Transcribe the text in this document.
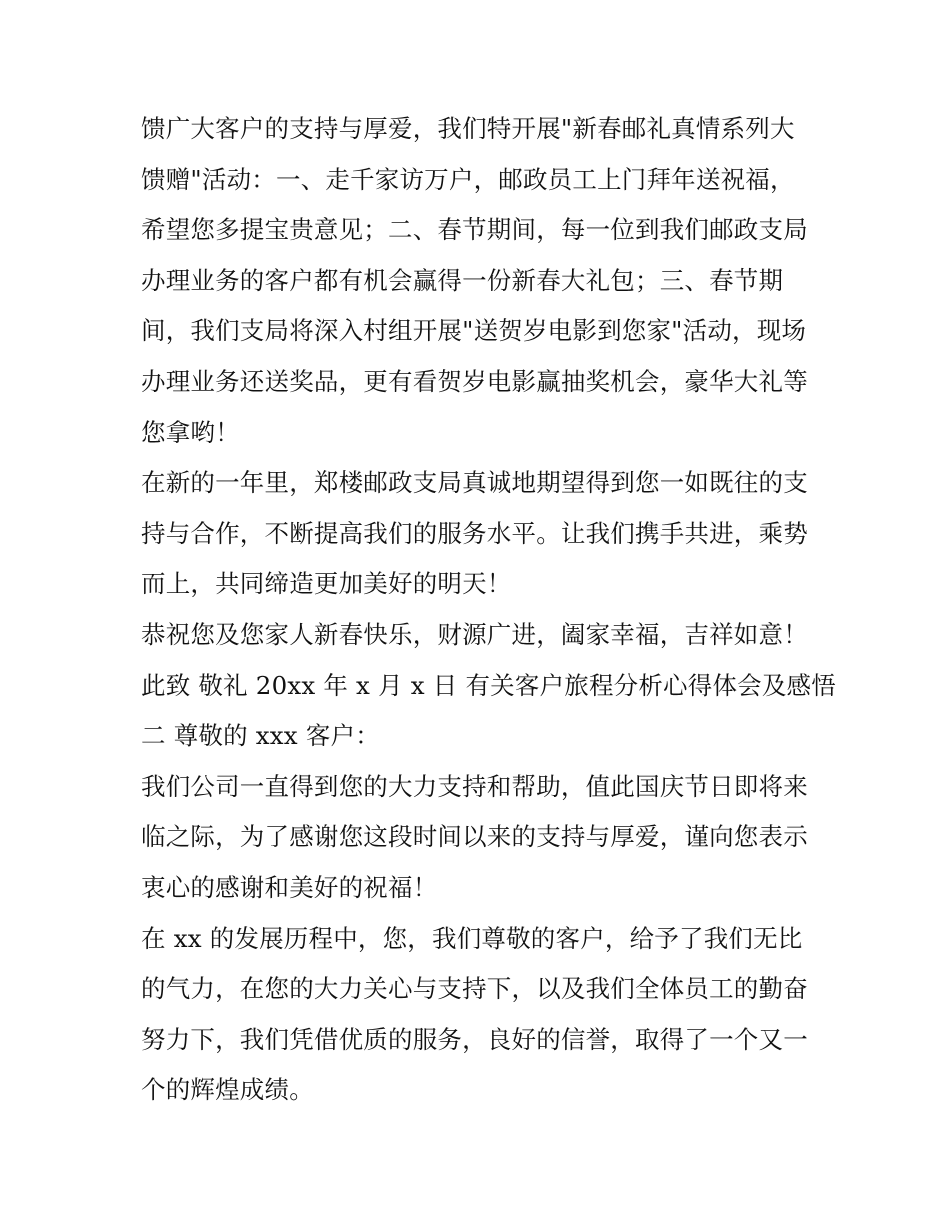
馈广大客户的支持与厚爱，我们特开展"新春邮礼真情系列大
馈赠"活动：一、走千家访万户，邮政员工上门拜年送祝福，
希望您多提宝贵意见；二、春节期间，每一位到我们邮政支局
办理业务的客户都有机会赢得一份新春大礼包；三、春节期
间，我们支局将深入村组开展"送贺岁电影到您家"活动，现场
办理业务还送奖品，更有看贺岁电影赢抽奖机会，豪华大礼等
您拿哟！
在新的一年里，郑楼邮政支局真诚地期望得到您一如既往的支
持与合作，不断提高我们的服务水平。让我们携手共进，乘势
而上，共同缔造更加美好的明天！
恭祝您及您家人新春快乐，财源广进，阖家幸福，吉祥如意！
此致 敬礼 20xx 年 x 月 x 日 有关客户旅程分析心得体会及感悟
二 尊敬的 xxx 客户：
我们公司一直得到您的大力支持和帮助，值此国庆节日即将来
临之际，为了感谢您这段时间以来的支持与厚爱，谨向您表示
衷心的感谢和美好的祝福！
在 xx 的发展历程中，您，我们尊敬的客户，给予了我们无比
的气力，在您的大力关心与支持下，以及我们全体员工的勤奋
努力下，我们凭借优质的服务，良好的信誉，取得了一个又一
个的辉煌成绩。
